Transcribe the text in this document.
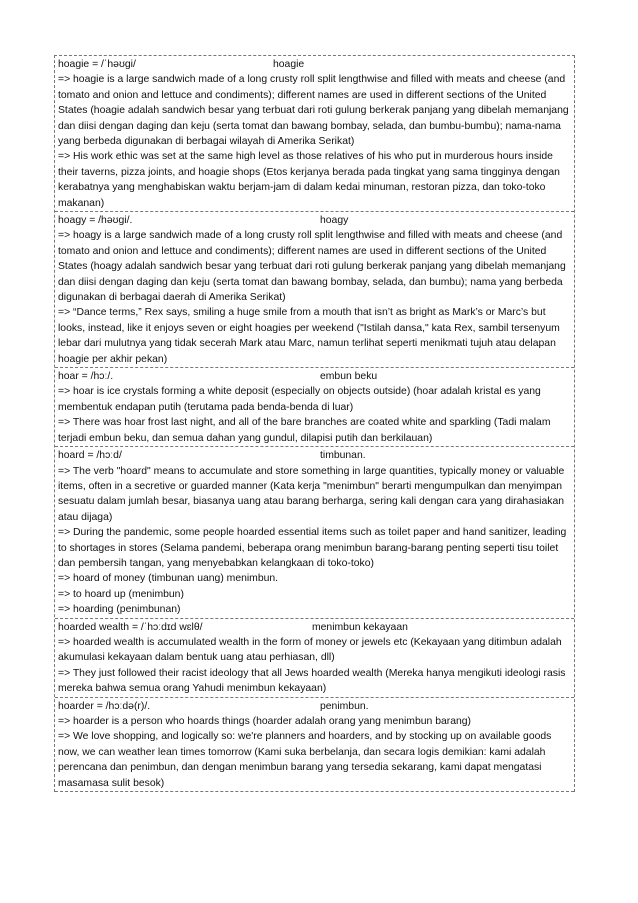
hoagie = /ˈhəʊgi/	hoagie
=> hoagie is a large sandwich made of a long crusty roll split lengthwise and filled with meats and cheese (and tomato and onion and lettuce and condiments); different names are used in different sections of the United States (hoagie adalah sandwich besar yang terbuat dari roti gulung berkerak panjang yang dibelah memanjang dan diisi dengan daging dan keju (serta tomat dan bawang bombay, selada, dan bumbu-bumbu); nama-nama yang berbeda digunakan di berbagai wilayah di Amerika Serikat)
=> His work ethic was set at the same high level as those relatives of his who put in murderous hours inside their taverns, pizza joints, and hoagie shops (Etos kerjanya berada pada tingkat yang sama tingginya dengan kerabatnya yang menghabiskan waktu berjam-jam di dalam kedai minuman, restoran pizza, dan toko-toko makanan)
hoagy = /həʊgi/.	hoagy
=> hoagy is a large sandwich made of a long crusty roll split lengthwise and filled with meats and cheese (and tomato and onion and lettuce and condiments); different names are used in different sections of the United States (hoagy adalah sandwich besar yang terbuat dari roti gulung berkerak panjang yang dibelah memanjang dan diisi dengan daging dan keju (serta tomat dan bawang bombay, selada, dan bumbu); nama yang berbeda digunakan di berbagai daerah di Amerika Serikat)
=> “Dance terms,” Rex says, smiling a huge smile from a mouth that isn’t as bright as Mark’s or Marc’s but looks, instead, like it enjoys seven or eight hoagies per weekend ("Istilah dansa," kata Rex, sambil tersenyum lebar dari mulutnya yang tidak secerah Mark atau Marc, namun terlihat seperti menikmati tujuh atau delapan hoagie per akhir pekan)
hoar = /hɔː/.	embun beku
=> hoar is ice crystals forming a white deposit (especially on objects outside) (hoar adalah kristal es yang membentuk endapan putih (terutama pada benda-benda di luar)
=> There was hoar frost last night, and all of the bare branches are coated white and sparkling (Tadi malam terjadi embun beku, dan semua dahan yang gundul, dilapisi putih dan berkilauan)
hoard = /hɔːd/	timbunan.
=> The verb "hoard" means to accumulate and store something in large quantities, typically money or valuable items, often in a secretive or guarded manner (Kata kerja "menimbun" berarti mengumpulkan dan menyimpan sesuatu dalam jumlah besar, biasanya uang atau barang berharga, sering kali dengan cara yang dirahasiakan atau dijaga)
=> During the pandemic, some people hoarded essential items such as toilet paper and hand sanitizer, leading to shortages in stores (Selama pandemi, beberapa orang menimbun barang-barang penting seperti tisu toilet dan pembersih tangan, yang menyebabkan kelangkaan di toko-toko)
=> hoard of money (timbunan uang) menimbun.
=> to hoard up (menimbun)
=> hoarding (penimbunan)
hoarded wealth = /ˈhɔːdɪd wɛlθ/	menimbun kekayaan
=> hoarded wealth is accumulated wealth in the form of money or jewels etc (Kekayaan yang ditimbun adalah akumulasi kekayaan dalam bentuk uang atau perhiasan, dll)
=> They just followed their racist ideology that all Jews hoarded wealth (Mereka hanya mengikuti ideologi rasis mereka bahwa semua orang Yahudi menimbun kekayaan)
hoarder = /hɔːdə(r)/.	penimbun.
=> hoarder is a person who hoards things (hoarder adalah orang yang menimbun barang)
=> We love shopping, and logically so: we're planners and hoarders, and by stocking up on available goods now, we can weather lean times tomorrow (Kami suka berbelanja, dan secara logis demikian: kami adalah perencana dan penimbun, dan dengan menimbun barang yang tersedia sekarang, kami dapat mengatasi masamasa sulit besok)
